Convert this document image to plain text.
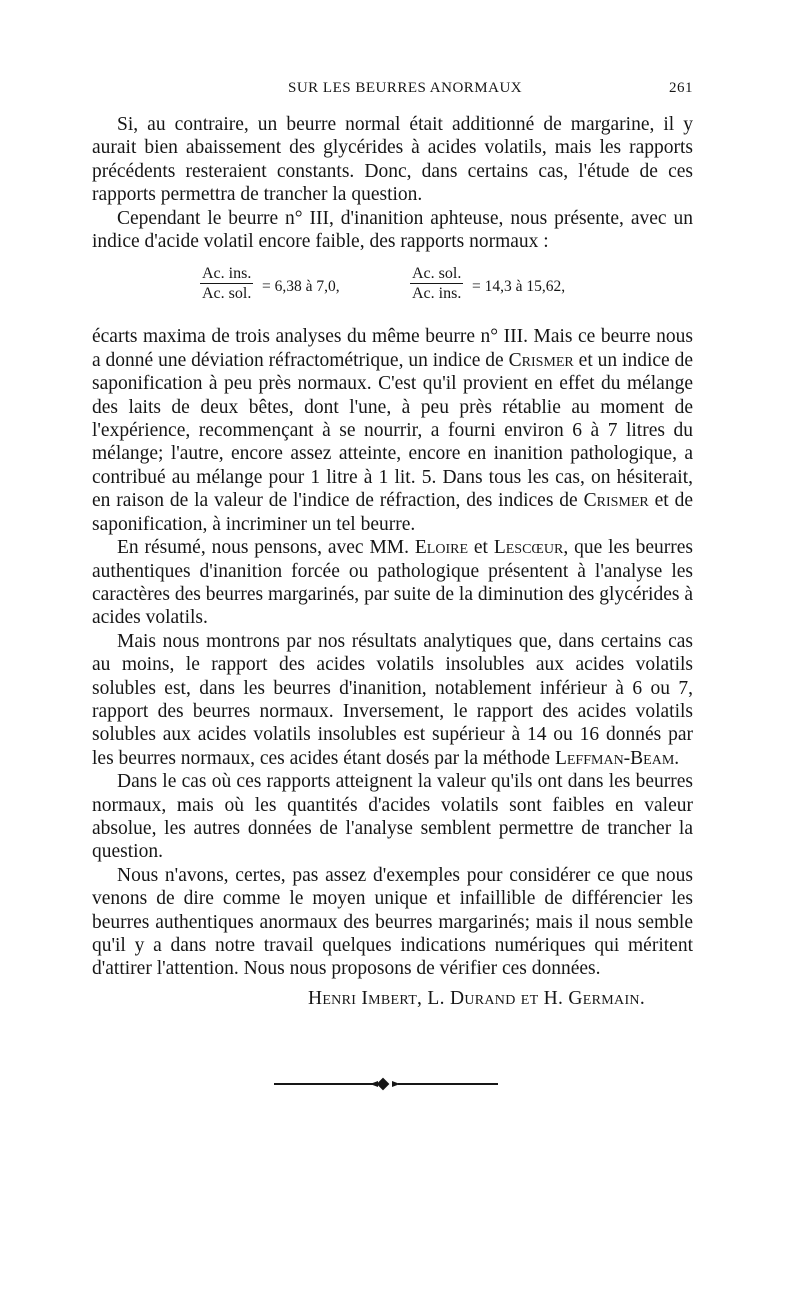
SUR LES BEURRES ANORMAUX	261

Si, au contraire, un beurre normal était additionné de margarine, il y aurait bien abaissement des glycérides à acides volatils, mais les rapports précédents resteraient constants. Donc, dans certains cas, l'étude de ces rapports permettra de trancher la question.

Cependant le beurre n° III, d'inanition aphteuse, nous présente, avec un indice d'acide volatil encore faible, des rapports normaux :

Ac. ins.
Ac. sol. = 6,38 à 7,0,
Ac. sol.
Ac. ins. = 14,3 à 15,62,

écarts maxima de trois analyses du même beurre n° III. Mais ce beurre nous a donné une déviation réfractométrique, un indice de Crismer et un indice de saponification à peu près normaux. C'est qu'il provient en effet du mélange des laits de deux bêtes, dont l'une, à peu près rétablie au moment de l'expérience, recommençant à se nourrir, a fourni environ 6 à 7 litres du mélange; l'autre, encore assez atteinte, encore en inanition pathologique, a contribué au mélange pour 1 litre à 1 lit. 5. Dans tous les cas, on hésiterait, en raison de la valeur de l'indice de réfraction, des indices de Crismer et de saponification, à incriminer un tel beurre.

En résumé, nous pensons, avec MM. Eloire et Lescœur, que les beurres authentiques d'inanition forcée ou pathologique présentent à l'analyse les caractères des beurres margarinés, par suite de la diminution des glycérides à acides volatils.

Mais nous montrons par nos résultats analytiques que, dans certains cas au moins, le rapport des acides volatils insolubles aux acides volatils solubles est, dans les beurres d'inanition, notablement inférieur à 6 ou 7, rapport des beurres normaux. Inversement, le rapport des acides volatils solubles aux acides volatils insolubles est supérieur à 14 ou 16 donnés par les beurres normaux, ces acides étant dosés par la méthode Leffman-Beam.

Dans le cas où ces rapports atteignent la valeur qu'ils ont dans les beurres normaux, mais où les quantités d'acides volatils sont faibles en valeur absolue, les autres données de l'analyse semblent permettre de trancher la question.

Nous n'avons, certes, pas assez d'exemples pour considérer ce que nous venons de dire comme le moyen unique et infaillible de différencier les beurres authentiques anormaux des beurres margarinés; mais il nous semble qu'il y a dans notre travail quelques indications numériques qui méritent d'attirer l'attention. Nous nous proposons de vérifier ces données.

Henri Imbert, L. Durand et H. Germain.
